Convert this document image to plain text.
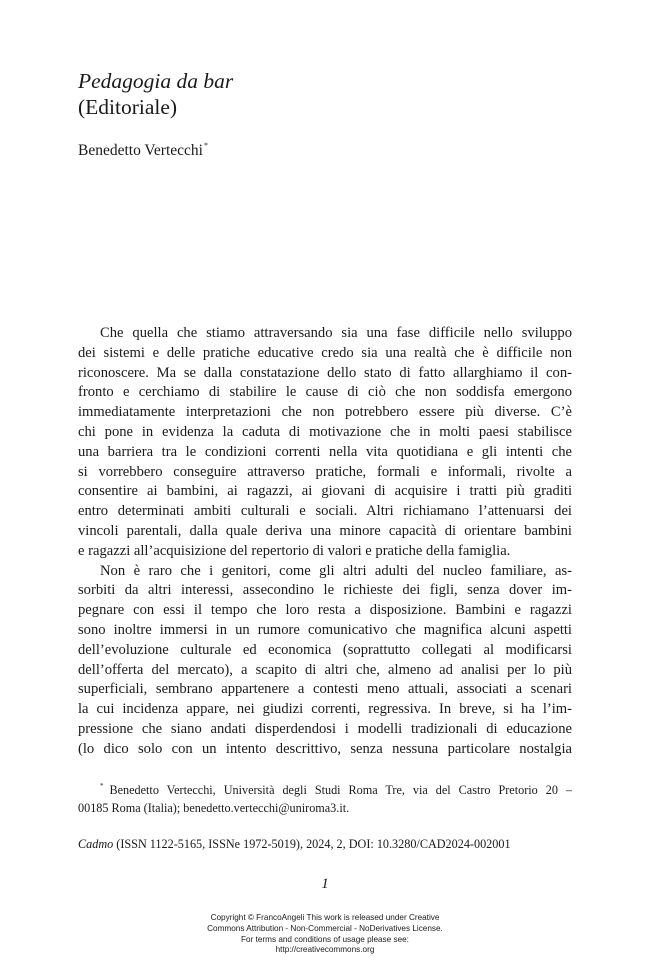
Pedagogia da bar
(Editoriale)
Benedetto Vertecchi*
Che quella che stiamo attraversando sia una fase difficile nello sviluppo
dei sistemi e delle pratiche educative credo sia una realtà che è difficile non
riconoscere. Ma se dalla constatazione dello stato di fatto allarghiamo il con-
fronto e cerchiamo di stabilire le cause di ciò che non soddisfa emergono
immediatamente interpretazioni che non potrebbero essere più diverse. C’è
chi pone in evidenza la caduta di motivazione che in molti paesi stabilisce
una barriera tra le condizioni correnti nella vita quotidiana e gli intenti che
si vorrebbero conseguire attraverso pratiche, formali e informali, rivolte a
consentire ai bambini, ai ragazzi, ai giovani di acquisire i tratti più graditi
entro determinati ambiti culturali e sociali. Altri richiamano l’attenuarsi dei
vincoli parentali, dalla quale deriva una minore capacità di orientare bambini
e ragazzi all’acquisizione del repertorio di valori e pratiche della famiglia.
Non è raro che i genitori, come gli altri adulti del nucleo familiare, as-
sorbiti da altri interessi, assecondino le richieste dei figli, senza dover im-
pegnare con essi il tempo che loro resta a disposizione. Bambini e ragazzi
sono inoltre immersi in un rumore comunicativo che magnifica alcuni aspetti
dell’evoluzione culturale ed economica (soprattutto collegati al modificarsi
dell’offerta del mercato), a scapito di altri che, almeno ad analisi per lo più
superficiali, sembrano appartenere a contesti meno attuali, associati a scenari
la cui incidenza appare, nei giudizi correnti, regressiva. In breve, si ha l’im-
pressione che siano andati disperdendosi i modelli tradizionali di educazione
(lo dico solo con un intento descrittivo, senza nessuna particolare nostalgia
* Benedetto Vertecchi, Università degli Studi Roma Tre, via del Castro Pretorio 20 –
00185 Roma (Italia); benedetto.vertecchi@uniroma3.it.
Cadmo (ISSN 1122-5165, ISSNe 1972-5019), 2024, 2, DOI: 10.3280/CAD2024-002001
1
Copyright © FrancoAngeli This work is released under Creative
Commons Attribution - Non-Commercial - NoDerivatives License.
For terms and conditions of usage please see:
http://creativecommons.org
